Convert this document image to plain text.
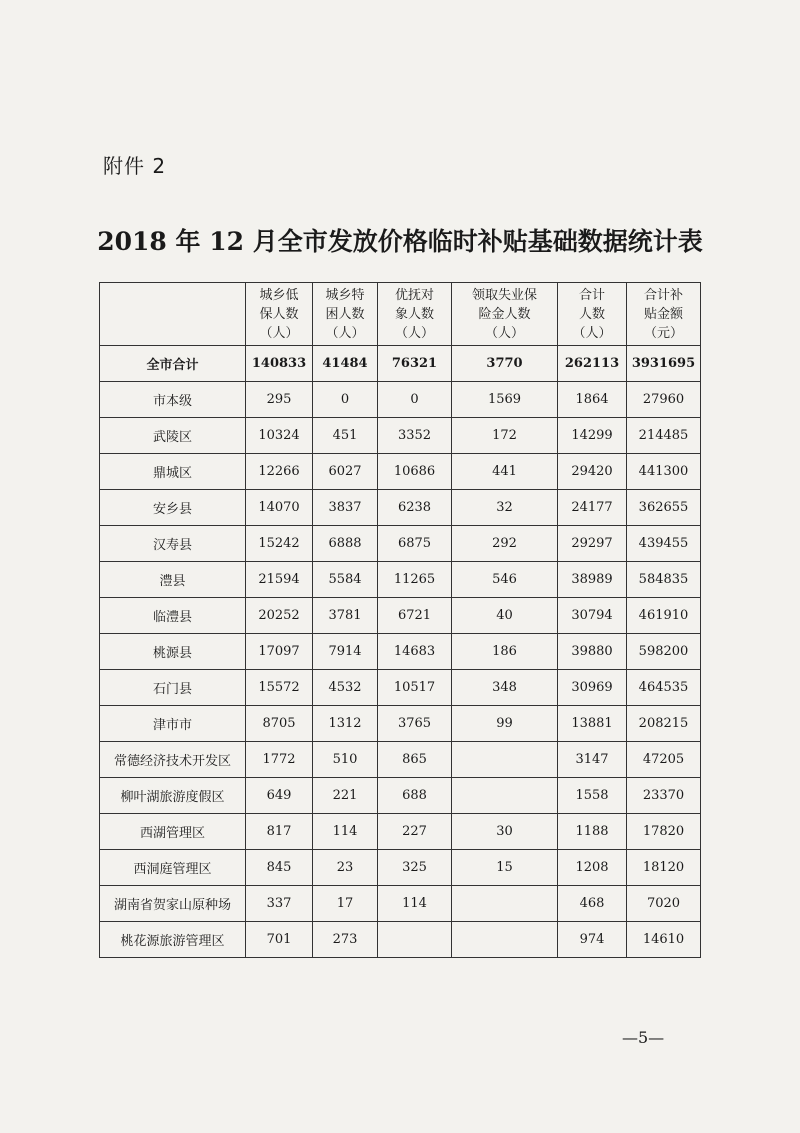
附件 2
2018 年 12 月全市发放价格临时补贴基础数据统计表

	城乡低
保人数
（人）	城乡特
困人数
（人）	优抚对
象人数
（人）	领取失业保
险金人数
（人）	合计
人数
（人）	合计补
贴金额
（元）

全市合计	140833	41484	76321	3770	262113	3931695
市本级	295	0	0	1569	1864	27960
武陵区	10324	451	3352	172	14299	214485
鼎城区	12266	6027	10686	441	29420	441300
安乡县	14070	3837	6238	32	24177	362655
汉寿县	15242	6888	6875	292	29297	439455
澧县	21594	5584	11265	546	38989	584835
临澧县	20252	3781	6721	40	30794	461910
桃源县	17097	7914	14683	186	39880	598200
石门县	15572	4532	10517	348	30969	464535
津市市	8705	1312	3765	99	13881	208215
常德经济技术开发区	1772	510	865		3147	47205
柳叶湖旅游度假区	649	221	688		1558	23370
西湖管理区	817	114	227	30	1188	17820
西洞庭管理区	845	23	325	15	1208	18120
湖南省贺家山原种场	337	17	114		468	7020
桃花源旅游管理区	701	273			974	14610
—5—
